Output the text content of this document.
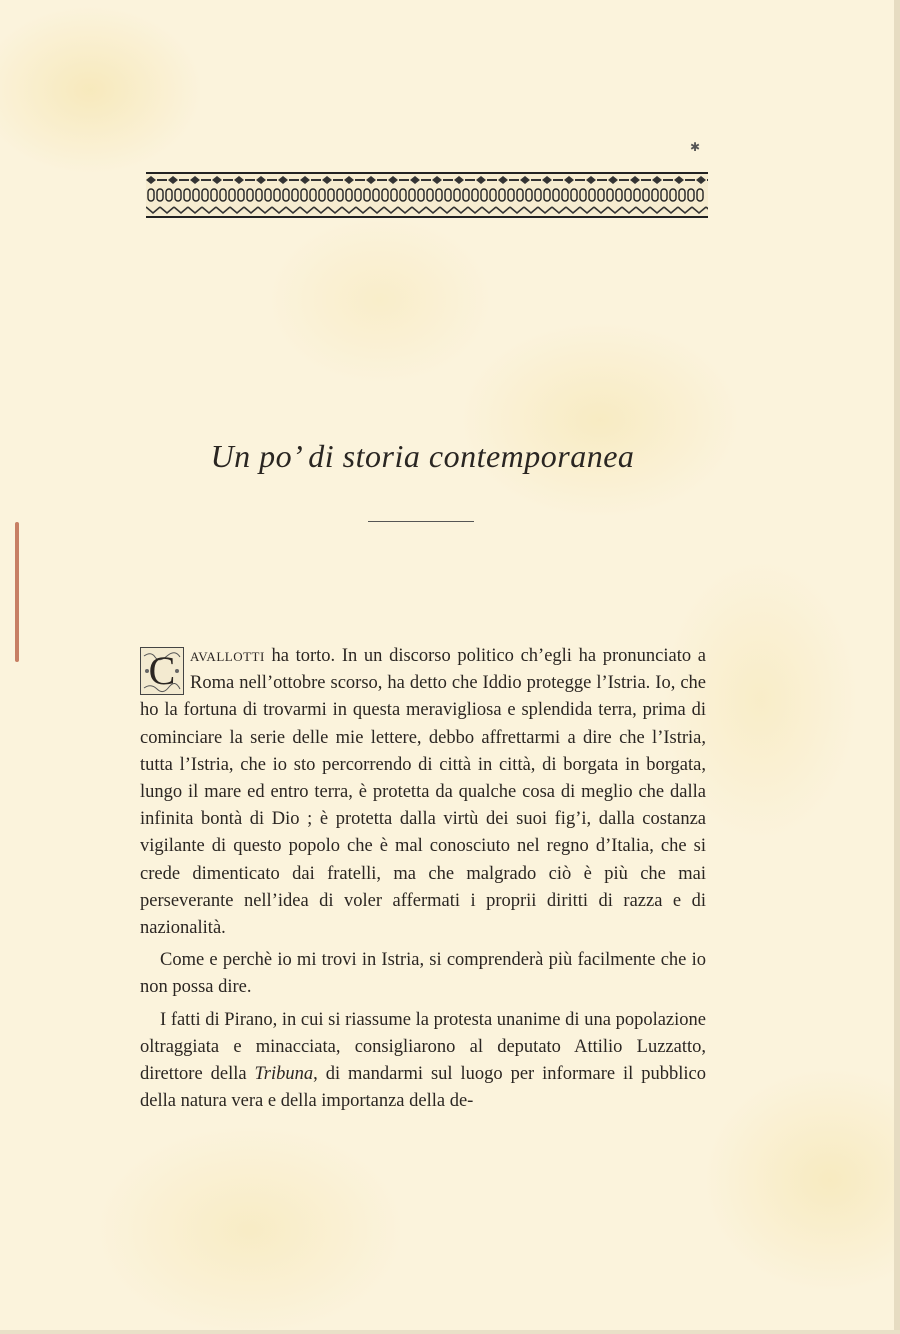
✱
Un po’ di storia contemporanea

C avallotti ha torto. In un discorso politico ch’egli ha pronunciato a Roma nell’ottobre scorso, ha detto che Iddio protegge l’Istria. Io, che ho la fortuna di trovarmi in questa meravigliosa e splendida terra, prima di cominciare la serie delle mie lettere, debbo affrettarmi a dire che l’Istria, tutta l’Istria, che io sto percorrendo di città in città, di borgata in borgata, lungo il mare ed entro terra, è protetta da qualche cosa di meglio che dalla infinita bontà di Dio ; è protetta dalla virtù dei suoi fig’i, dalla costanza vigilante di questo popolo che è mal conosciuto nel regno d’Italia, che si crede dimenticato dai fratelli, ma che malgrado ciò è più che mai perseverante nell’idea di voler affermati i proprii diritti di razza e di nazionalità.

Come e perchè io mi trovi in Istria, si comprenderà più facilmente che io non possa dire.

I fatti di Pirano, in cui si riassume la protesta unanime di una popolazione oltraggiata e minacciata, consigliarono al deputato Attilio Luzzatto, direttore della Tribuna, di mandarmi sul luogo per informare il pubblico della natura vera e della importanza della de-
